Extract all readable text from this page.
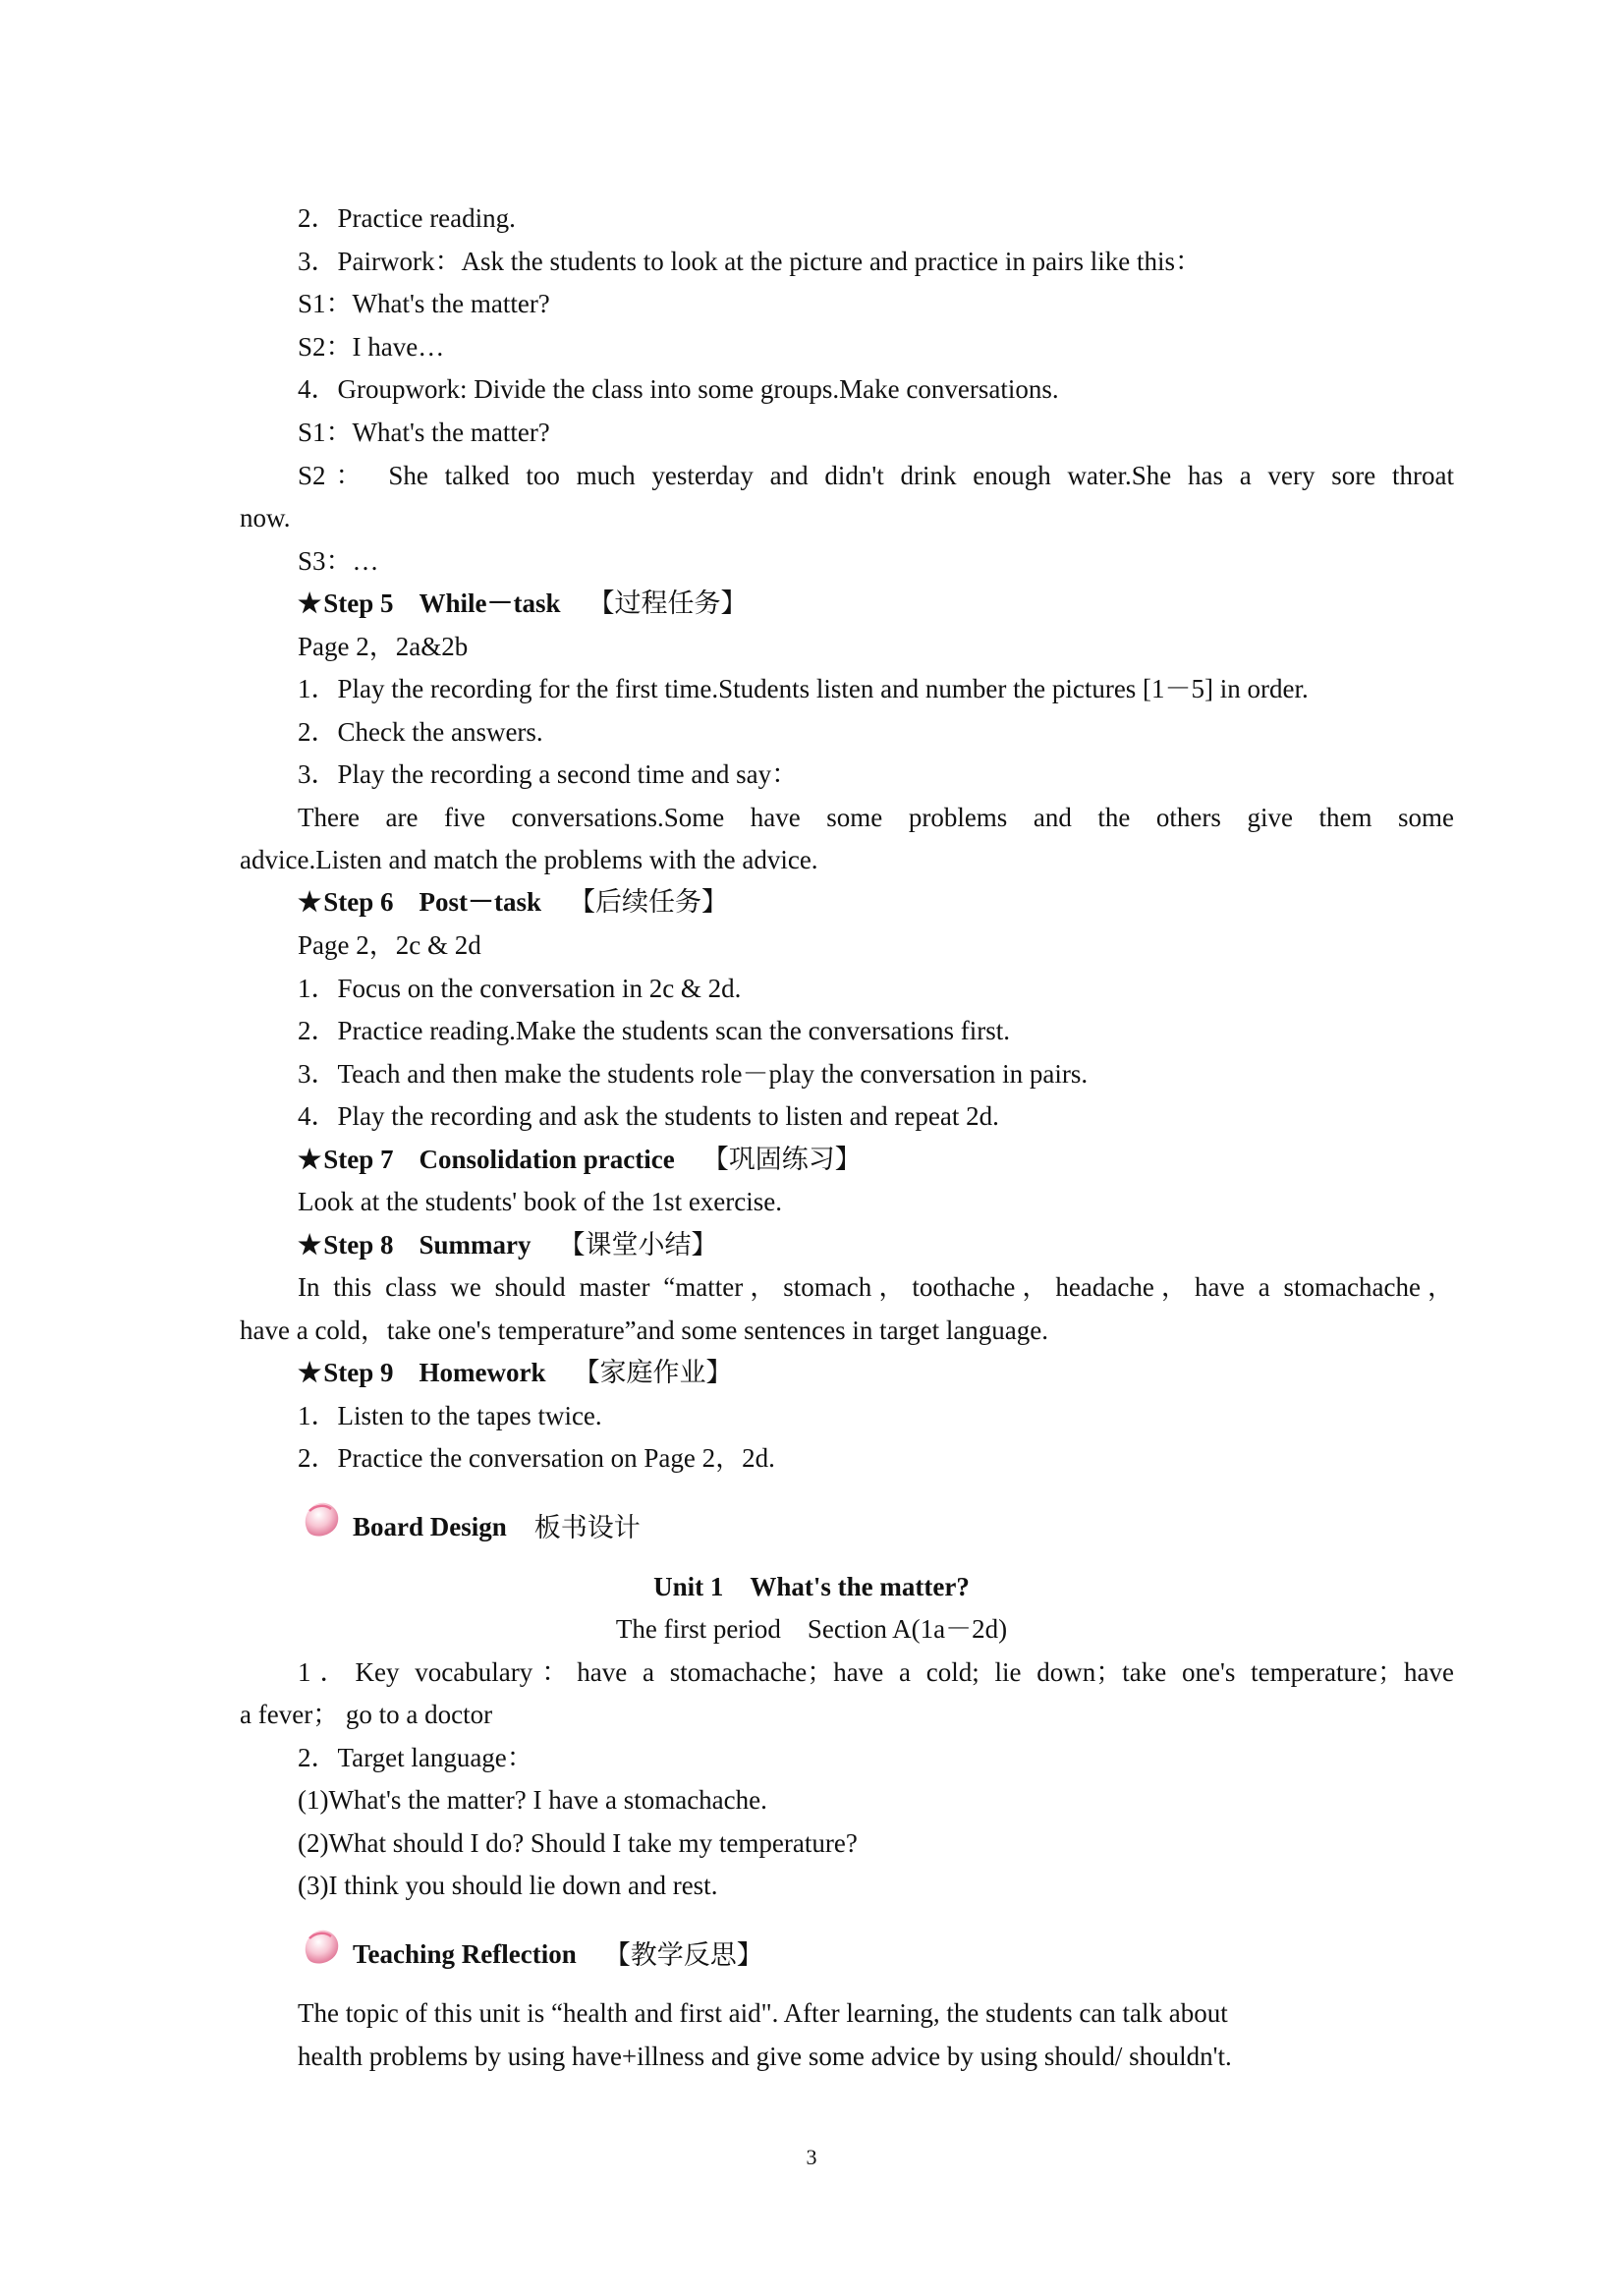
2．Practice reading.
3．Pairwork：Ask the students to look at the picture and practice in pairs like this：
S1：What's the matter?
S2：I have…
4．Groupwork: Divide the class into some groups.Make conversations.
S1：What's the matter?
S2： She talked too much yesterday and didn't drink enough water.She has a very sore throat
now.
S3：…
★Step 5 While－task 【过程任务】
Page 2，2a&2b
1．Play the recording for the first time.Students listen and number the pictures [1－5] in order.
2．Check the answers.
3．Play the recording a second time and say：
There are five conversations.Some have some problems and the others give them some
advice.Listen and match the problems with the advice.
★Step 6 Post－task 【后续任务】
Page 2，2c & 2d
1．Focus on the conversation in 2c & 2d.
2．Practice reading.Make the students scan the conversations first.
3．Teach and then make the students role－play the conversation in pairs.
4．Play the recording and ask the students to listen and repeat 2d.
★Step 7 Consolidation practice 【巩固练习】
Look at the students' book of the 1st exercise.
★Step 8 Summary 【课堂小结】
In this class we should master “matter，stomach，toothache，headache，have a stomachache，
have a cold，take one's temperature”and some sentences in target language.
★Step 9 Homework 【家庭作业】
1．Listen to the tapes twice.
2．Practice the conversation on Page 2，2d.
Board Design 板书设计
Unit 1　What's the matter?
The first period　Section A(1a－2d)
1．Key vocabulary：have a stomachache；have a cold; lie down；take one's temperature；have
a fever； go to a doctor
2．Target language：
(1)What's the matter? I have a stomachache.
(2)What should I do? Should I take my temperature?
(3)I think you should lie down and rest.
Teaching Reflection 【教学反思】
The topic of this unit is “health and first aid". After learning, the students can talk about
health problems by using have+illness and give some advice by using should/ shouldn't.
3
